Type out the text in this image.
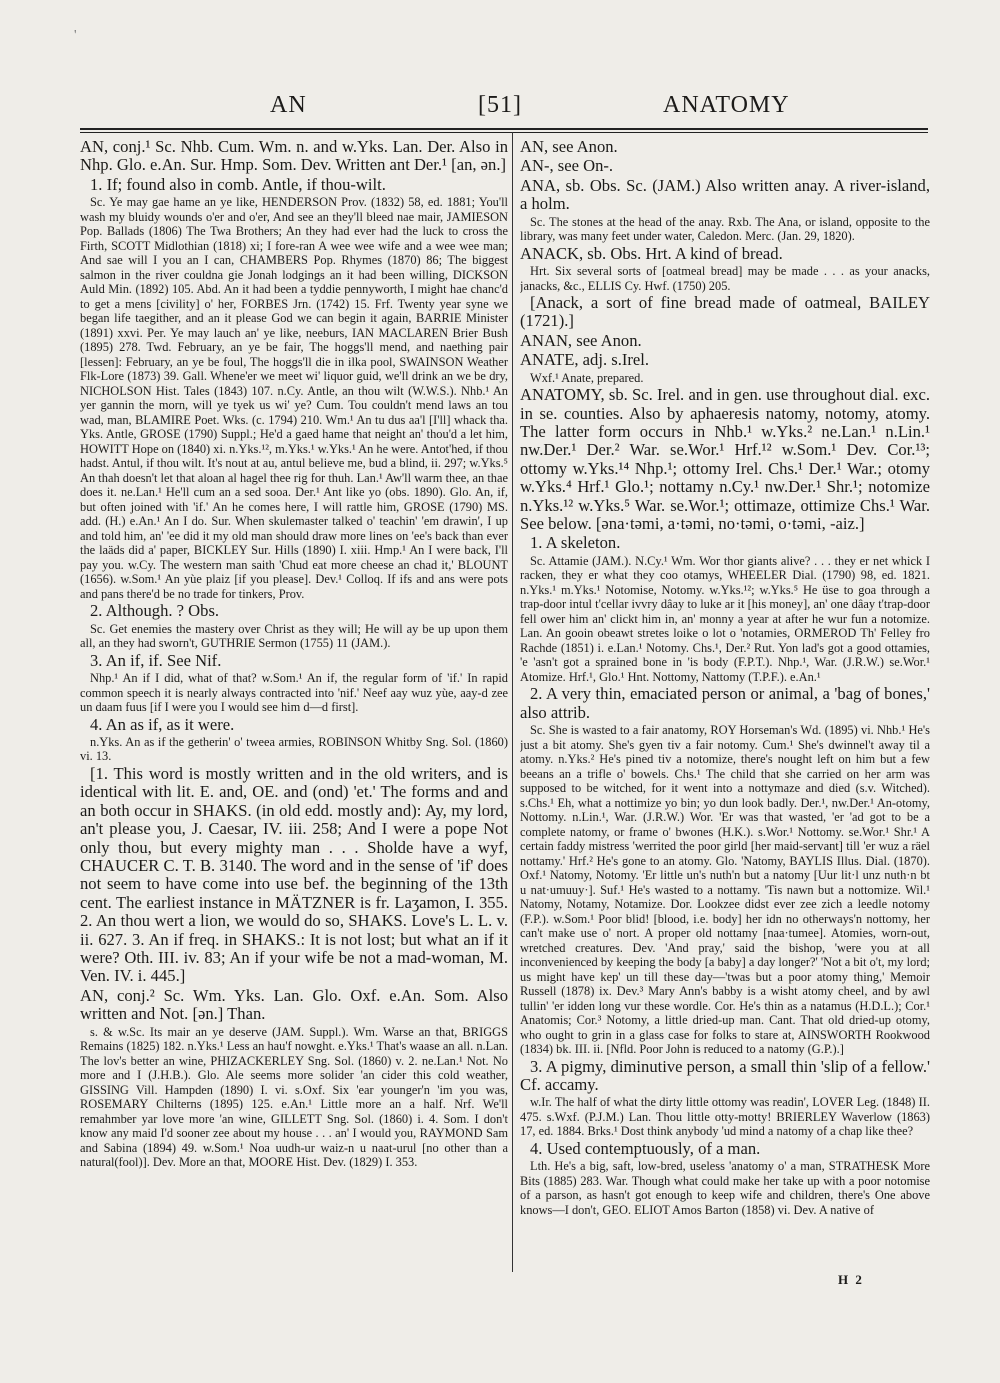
'
AN	[51]	ANATOMY

AN, conj.¹ Sc. Nhb. Cum. Wm. n. and w.Yks. Lan. Der. Also in Nhp. Glo. e.An. Sur. Hmp. Som. Dev. Written ant Der.¹ [an, ən.]

1. If; found also in comb. Antle, if thou-wilt.

Sc. Ye may gae hame an ye like, HENDERSON Prov. (1832) 58, ed. 1881; You'll wash my bluidy wounds o'er and o'er, And see an they'll bleed nae mair, JAMIESON Pop. Ballads (1806) The Twa Brothers; An they had ever had the luck to cross the Firth, SCOTT Midlothian (1818) xi; I fore-ran A wee wee wife and a wee wee man; And sae will I you an I can, CHAMBERS Pop. Rhymes (1870) 86; The biggest salmon in the river couldna gie Jonah lodgings an it had been willing, DICKSON Auld Min. (1892) 105. Abd. An it had been a tyddie pennyworth, I might hae chanc'd to get a mens [civility] o' her, FORBES Jrn. (1742) 15. Frf. Twenty year syne we began life taegither, and an it please God we can begin it again, BARRIE Minister (1891) xxvi. Per. Ye may lauch an' ye like, neeburs, IAN MACLAREN Brier Bush (1895) 278. Twd. February, an ye be fair, The hoggs'll mend, and naething pair [lessen]: February, an ye be foul, The hoggs'll die in ilka pool, SWAINSON Weather Flk-Lore (1873) 39. Gall. Whene'er we meet wi' liquor guid, we'll drink an we be dry, NICHOLSON Hist. Tales (1843) 107. n.Cy. Antle, an thou wilt (W.W.S.). Nhb.¹ An yer gannin the morn, will ye tyek us wi' ye? Cum. Tou couldn't mend laws an tou wad, man, BLAMIRE Poet. Wks. (c. 1794) 210. Wm.¹ An tu dus aa'l [I'll] whack tha. Yks. Antle, GROSE (1790) Suppl.; He'd a gaed hame that neight an' thou'd a let him, HOWITT Hope on (1840) xi. n.Yks.¹², m.Yks.¹ w.Yks.¹ An he were. Antot'hed, if thou hadst. Antul, if thou wilt. It's nout at au, antul believe me, bud a blind, ii. 297; w.Yks.⁵ An thah doesn't let that aloan al hagel thee rig for thuh. Lan.¹ Aw'll warm thee, an thae does it. ne.Lan.¹ He'll cum an a sed sooa. Der.¹ Ant like yo (obs. 1890). Glo. An, if, but often joined with 'if.' An he comes here, I will rattle him, GROSE (1790) MS. add. (H.) e.An.¹ An I do. Sur. When skulemaster talked o' teachin' 'em drawin', I up and told him, an' 'ee did it my old man should draw more lines on 'ee's back than ever the laäds did a' paper, BICKLEY Sur. Hills (1890) I. xiii. Hmp.¹ An I were back, I'll pay you. w.Cy. The western man saith 'Chud eat more cheese an chad it,' BLOUNT (1656). w.Som.¹ An yùe plaiz [if you please]. Dev.¹ Colloq. If ifs and ans were pots and pans there'd be no trade for tinkers, Prov.

2. Although. ? Obs.

Sc. Get enemies the mastery over Christ as they will; He will ay be up upon them all, an they had sworn't, GUTHRIE Sermon (1755) 11 (JAM.).

3. An if, if. See Nif.

Nhp.¹ An if I did, what of that? w.Som.¹ An if, the regular form of 'if.' In rapid common speech it is nearly always contracted into 'nif.' Neef aay wuz yùe, aay-d zee un daam fuus [if I were you I would see him d—d first].

4. An as if, as it were.

n.Yks. An as if the getherin' o' tweea armies, ROBINSON Whitby Sng. Sol. (1860) vi. 13.

[1. This word is mostly written and in the old writers, and is identical with lit. E. and, OE. and (ond) 'et.' The forms and and an both occur in SHAKS. (in old edd. mostly and): Ay, my lord, an't please you, J. Caesar, IV. iii. 258; And I were a pope Not only thou, but every mighty man . . . Sholde have a wyf, CHAUCER C. T. B. 3140. The word and in the sense of 'if' does not seem to have come into use bef. the beginning of the 13th cent. The earliest instance in MÄTZNER is fr. Laʒamon, I. 355. 2. An thou wert a lion, we would do so, SHAKS. Love's L. L. v. ii. 627. 3. An if freq. in SHAKS.: It is not lost; but what an if it were? Oth. III. iv. 83; An if your wife be not a mad-woman, M. Ven. IV. i. 445.]

AN, conj.² Sc. Wm. Yks. Lan. Glo. Oxf. e.An. Som. Also written and Not. [ən.] Than.

s. & w.Sc. Its mair an ye deserve (JAM. Suppl.). Wm. Warse an that, BRIGGS Remains (1825) 182. n.Yks.¹ Less an hau'f nowght. e.Yks.¹ That's waase an all. n.Lan. The lov's better an wine, PHIZACKERLEY Sng. Sol. (1860) v. 2. ne.Lan.¹ Not. No more and I (J.H.B.). Glo. Ale seems more solider 'an cider this cold weather, GISSING Vill. Hampden (1890) I. vi. s.Oxf. Six 'ear younger'n 'im you was, ROSEMARY Chilterns (1895) 125. e.An.¹ Little more an a half. Nrf. We'll remahmber yar love more 'an wine, GILLETT Sng. Sol. (1860) i. 4. Som. I don't know any maid I'd sooner zee about my house . . . an' I would you, RAYMOND Sam and Sabina (1894) 49. w.Som.¹ Noa uudh-ur waiz-n u naat-urul [no other than a natural(fool)]. Dev. More an that, MOORE Hist. Dev. (1829) I. 353.

AN, see Anon.

AN-, see On-.

ANA, sb. Obs. Sc. (JAM.) Also written anay. A river-island, a holm.

Sc. The stones at the head of the anay. Rxb. The Ana, or island, opposite to the library, was many feet under water, Caledon. Merc. (Jan. 29, 1820).

ANACK, sb. Obs. Hrt. A kind of bread.

Hrt. Six several sorts of [oatmeal bread] may be made . . . as your anacks, janacks, &c., ELLIS Cy. Hwf. (1750) 205.

[Anack, a sort of fine bread made of oatmeal, BAILEY (1721).]

ANAN, see Anon.

ANATE, adj. s.Irel.

Wxf.¹ Anate, prepared.

ANATOMY, sb. Sc. Irel. and in gen. use throughout dial. exc. in se. counties. Also by aphaeresis natomy, notomy, atomy. The latter form occurs in Nhb.¹ w.Yks.² ne.Lan.¹ n.Lin.¹ nw.Der.¹ Der.² War. se.Wor.¹ Hrf.¹² w.Som.¹ Dev. Cor.¹³; ottomy w.Yks.¹⁴ Nhp.¹; ottomy Irel. Chs.¹ Der.¹ War.; otomy w.Yks.⁴ Hrf.¹ Glo.¹; nottamy n.Cy.¹ nw.Der.¹ Shr.¹; notomize n.Yks.¹² w.Yks.⁵ War. se.Wor.¹; ottimaze, ottimize Chs.¹ War. See below. [əna·təmi, a·təmi, no·təmi, o·təmi, -aiz.]

1. A skeleton.

Sc. Attamie (JAM.). N.Cy.¹ Wm. Wor thor giants alive? . . . they er net whick I racken, they er what they coo otamys, WHEELER Dial. (1790) 98, ed. 1821. n.Yks.¹ m.Yks.¹ Notomise, Notomy. w.Yks.¹²; w.Yks.⁵ He üse to goa through a trap-door intul t'cellar ivvry dâay to luke ar it [his money], an' one dâay t'trap-door fell ower him an' clickt him in, an' monny a year at after he wur fun a notomize. Lan. An gooin obeawt stretes loike o lot o 'notamies, ORMEROD Th' Felley fro Rachde (1851) i. e.Lan.¹ Notomy. Chs.¹, Der.² Rut. Yon lad's got a good ottamies, 'e 'asn't got a sprained bone in 'is body (F.P.T.). Nhp.¹, War. (J.R.W.) se.Wor.¹ Atomize. Hrf.¹, Glo.¹ Hnt. Nottomy, Nattomy (T.P.F.). e.An.¹

2. A very thin, emaciated person or animal, a 'bag of bones,' also attrib.

Sc. She is wasted to a fair anatomy, ROY Horseman's Wd. (1895) vi. Nhb.¹ He's just a bit atomy. She's gyen tiv a fair notomy. Cum.¹ She's dwinnel't away til a atomy. n.Yks.² He's pined tiv a notomize, there's nought left on him but a few beeans an a trifle o' bowels. Chs.¹ The child that she carried on her arm was supposed to be witched, for it went into a nottymaze and died (s.v. Witched). s.Chs.¹ Eh, what a nottimize yo bin; yo dun look badly. Der.¹, nw.Der.¹ An-otomy, Nottomy. n.Lin.¹, War. (J.R.W.) Wor. 'Er was that wasted, 'er 'ad got to be a complete natomy, or frame o' bwones (H.K.). s.Wor.¹ Nottomy. se.Wor.¹ Shr.¹ A certain faddy mistress 'werrited the poor girld [her maid-servant] till 'er wuz a räel nottamy.' Hrf.² He's gone to an atomy. Glo. 'Natomy, BAYLIS Illus. Dial. (1870). Oxf.¹ Natomy, Notomy. 'Er little un's nuth'n but a natomy [Uur lit·l unz nuth·n bt u nat·umuuy·]. Suf.¹ He's wasted to a nottamy. 'Tis nawn but a nottomize. Wil.¹ Natomy, Notamy, Notamize. Dor. Lookzee didst ever zee zich a leedle notomy (F.P.). w.Som.¹ Poor blid! [blood, i.e. body] her idn no otherways'n nottomy, her can't make use o' nort. A proper old nottamy [naa·tumee]. Atomies, worn-out, wretched creatures. Dev. 'And pray,' said the bishop, 'were you at all inconvenienced by keeping the body [a baby] a day longer?' 'Not a bit o't, my lord; us might have kep' un till these day—'twas but a poor atomy thing,' Memoir Russell (1878) ix. Dev.³ Mary Ann's babby is a wisht atomy cheel, and by awl tullin' 'er idden long vur these wordle. Cor. He's thin as a natamus (H.D.L.); Cor.¹ Anatomis; Cor.³ Notomy, a little dried-up man. Cant. That old dried-up otomy, who ought to grin in a glass case for folks to stare at, AINSWORTH Rookwood (1834) bk. III. ii. [Nfld. Poor John is reduced to a natomy (G.P.).]

3. A pigmy, diminutive person, a small thin 'slip of a fellow.' Cf. accamy.

w.Ir. The half of what the dirty little ottomy was readin', LOVER Leg. (1848) II. 475. s.Wxf. (P.J.M.) Lan. Thou little otty-motty! BRIERLEY Waverlow (1863) 17, ed. 1884. Brks.¹ Dost think anybody 'ud mind a natomy of a chap like thee?

4. Used contemptuously, of a man.

Lth. He's a big, saft, low-bred, useless 'anatomy o' a man, STRATHESK More Bits (1885) 283. War. Though what could make her take up with a poor notomise of a parson, as hasn't got enough to keep wife and children, there's One above knows—I don't, GEO. ELIOT Amos Barton (1858) vi. Dev. A native of

H 2
